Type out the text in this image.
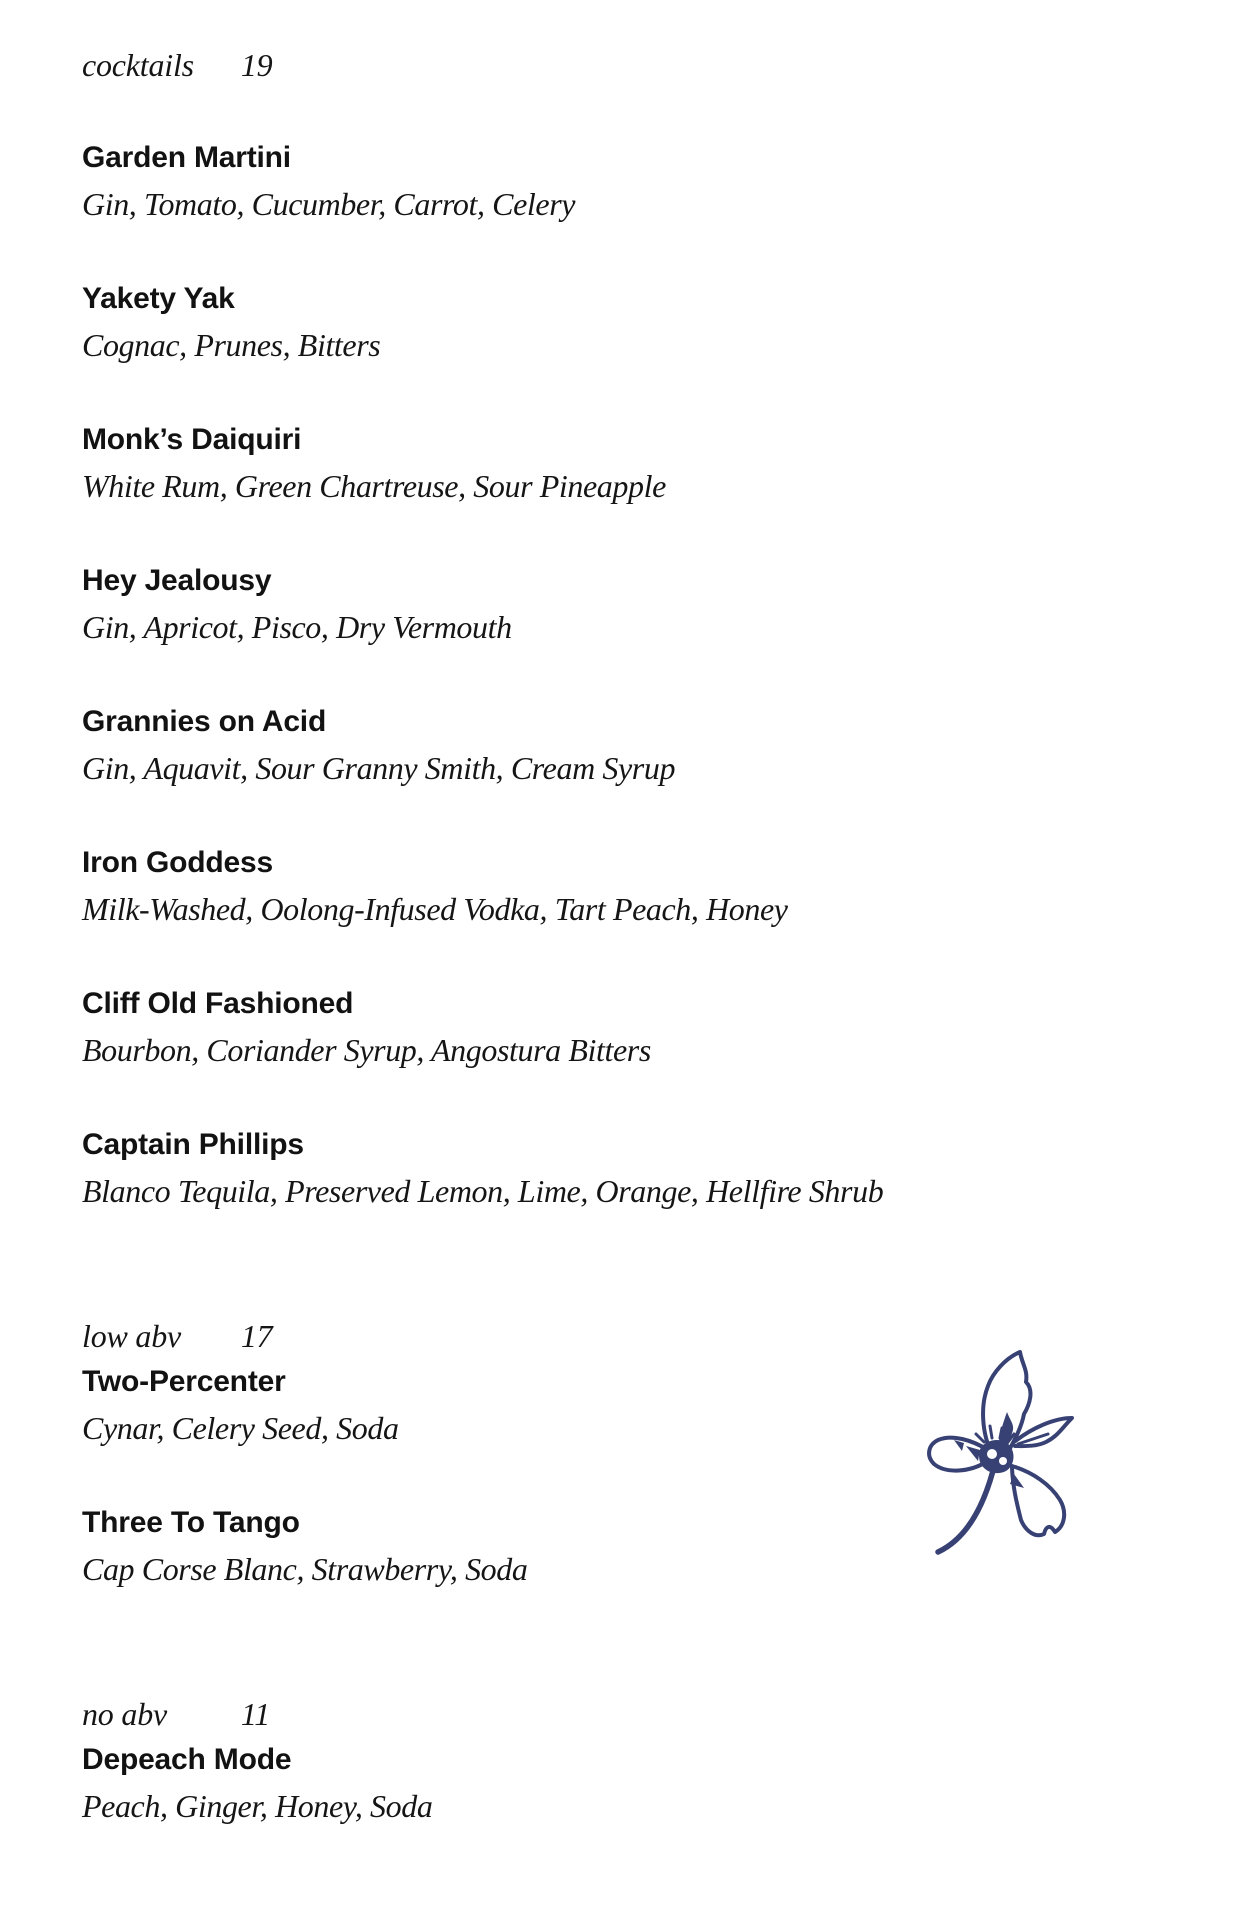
cocktails 19

Garden Martini

Gin, Tomato, Cucumber, Carrot, Celery

Yakety Yak

Cognac, Prunes, Bitters

Monk’s Daiquiri

White Rum, Green Chartreuse, Sour Pineapple

Hey Jealousy

Gin, Apricot, Pisco, Dry Vermouth

Grannies on Acid

Gin, Aquavit, Sour Granny Smith, Cream Syrup

Iron Goddess

Milk-Washed, Oolong-Infused Vodka, Tart Peach, Honey

Cliff Old Fashioned

Bourbon, Coriander Syrup, Angostura Bitters

Captain Phillips

Blanco Tequila, Preserved Lemon, Lime, Orange, Hellfire Shrub

low abv 17

Two-Percenter

Cynar, Celery Seed, Soda

Three To Tango

Cap Corse Blanc, Strawberry, Soda

no abv 11

Depeach Mode

Peach, Ginger, Honey, Soda
